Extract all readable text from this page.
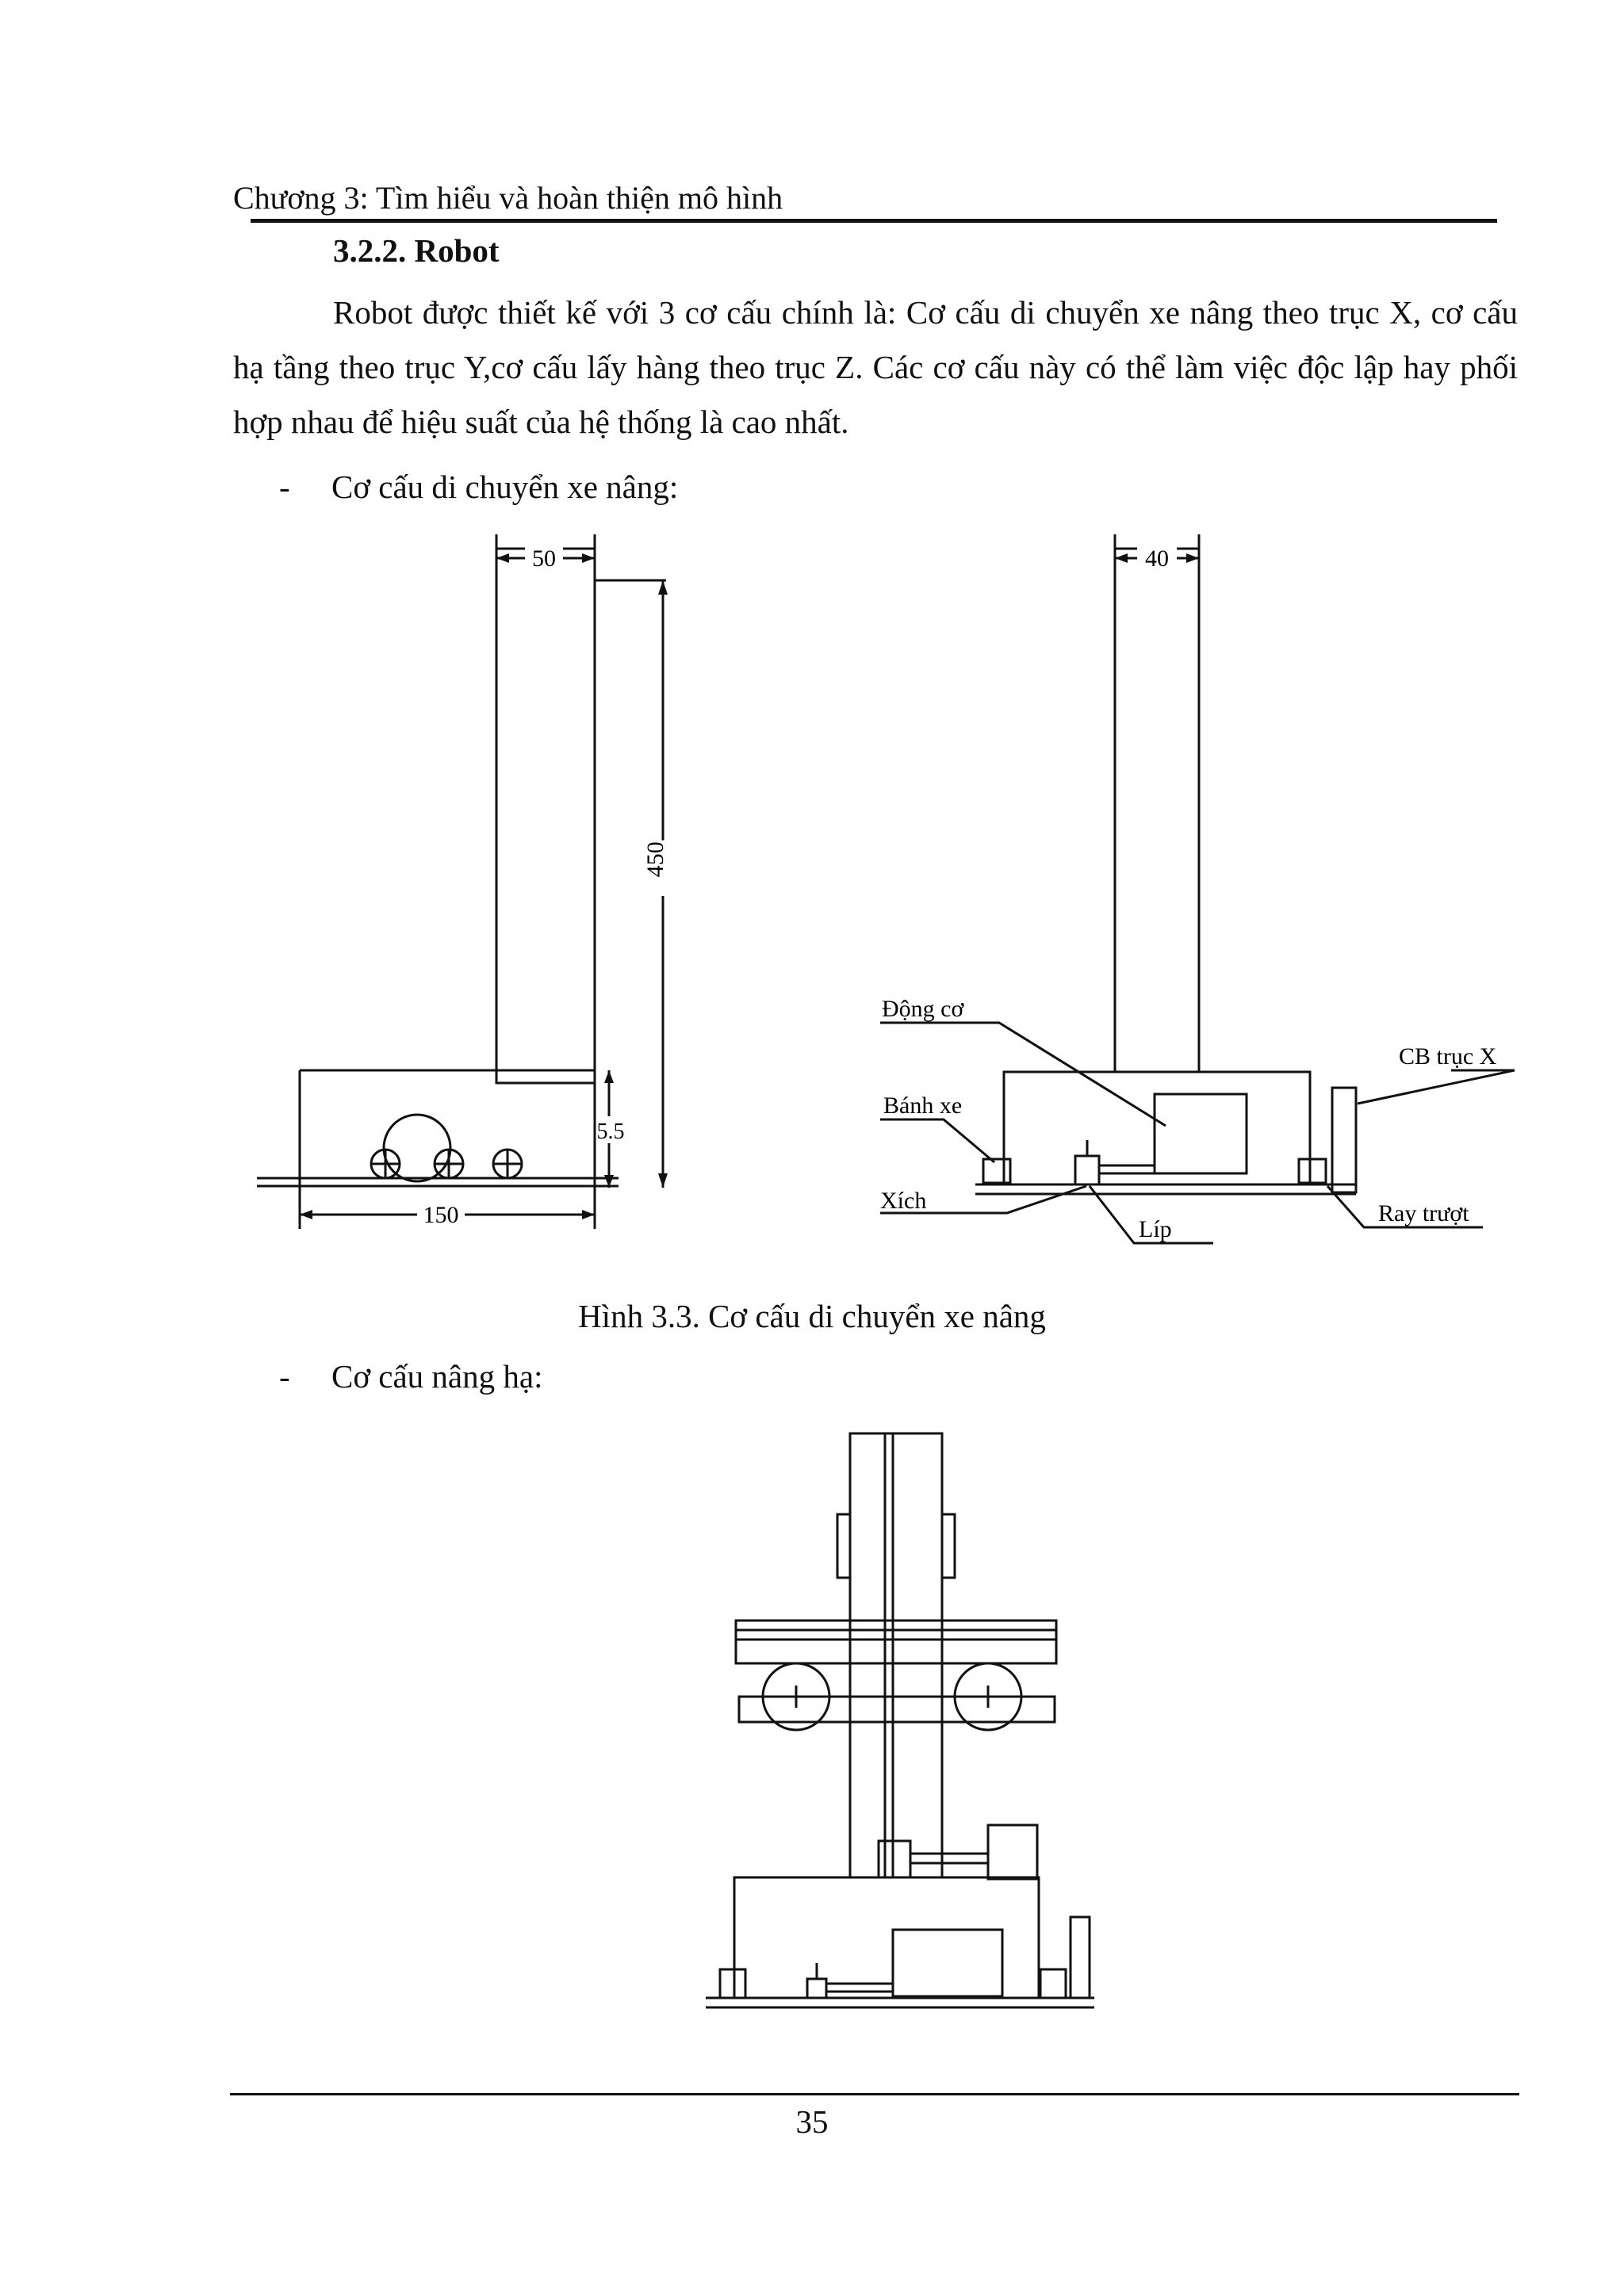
Chương 3: Tìm hiểu và hoàn thiện mô hình
3.2.2. Robot
Robot được thiết kế với 3 cơ cấu chính là: Cơ cấu di chuyển xe nâng theo trục X, cơ cấu hạ tầng theo trục Y,cơ cấu lấy hàng theo trục Z. Các cơ cấu này có thể làm việc độc lập hay phối hợp nhau để hiệu suất của hệ thống là cao nhất.
- Cơ cấu di chuyển xe nâng:
50
450
5.5
150
40
Động cơ
Bánh xe
CB trục X
Xích
Líp
Ray trượt
Hình 3.3. Cơ cấu di chuyển xe nâng
- Cơ cấu nâng hạ:
35
